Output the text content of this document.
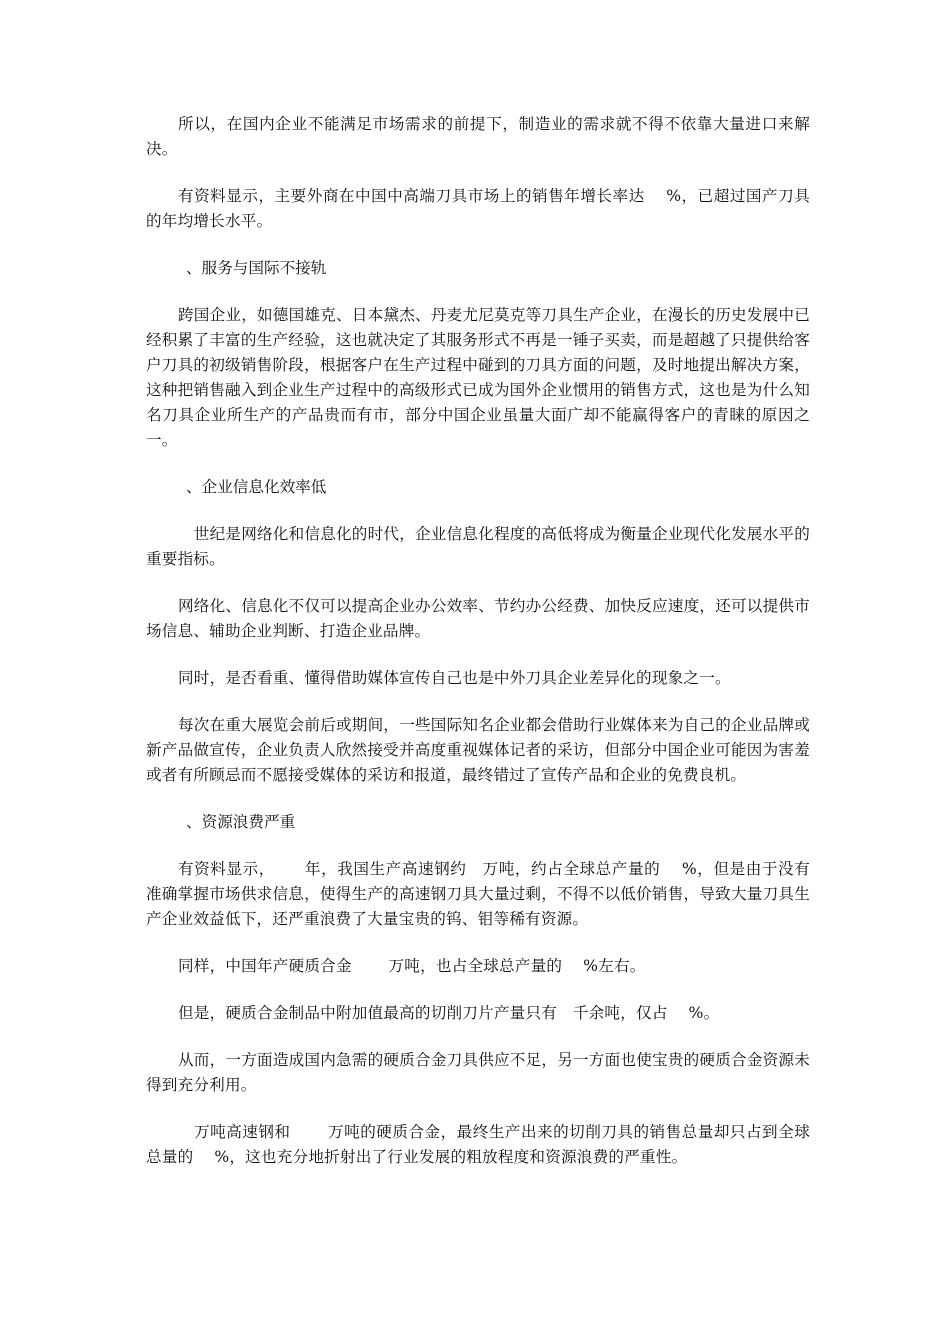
所以，在国内企业不能满足市场需求的前提下，制造业的需求就不得不依靠大量进口来解决。

有资料显示，主要外商在中国中高端刀具市场上的销售年增长率达　 %，已超过国产刀具的年均增长水平。

、服务与国际不接轨

跨国企业，如德国雄克、日本黛杰、丹麦尤尼莫克等刀具生产企业，在漫长的历史发展中已经积累了丰富的生产经验，这也就决定了其服务形式不再是一锤子买卖，而是超越了只提供给客户刀具的初级销售阶段，根据客户在生产过程中碰到的刀具方面的问题，及时地提出解决方案，这种把销售融入到企业生产过程中的高级形式已成为国外企业惯用的销售方式，这也是为什么知名刀具企业所生产的产品贵而有市，部分中国企业虽量大面广却不能赢得客户的青睐的原因之一。

、企业信息化效率低

　世纪是网络化和信息化的时代，企业信息化程度的高低将成为衡量企业现代化发展水平的重要指标。

网络化、信息化不仅可以提高企业办公效率、节约办公经费、加快反应速度，还可以提供市场信息、辅助企业判断、打造企业品牌。

同时，是否看重、懂得借助媒体宣传自己也是中外刀具企业差异化的现象之一。

每次在重大展览会前后或期间，一些国际知名企业都会借助行业媒体来为自己的企业品牌或新产品做宣传，企业负责人欣然接受并高度重视媒体记者的采访，但部分中国企业可能因为害羞或者有所顾忌而不愿接受媒体的采访和报道，最终错过了宣传产品和企业的免费良机。

、资源浪费严重

有资料显示，　　 年，我国生产高速钢约　万吨，约占全球总产量的　 %，但是由于没有准确掌握市场供求信息，使得生产的高速钢刀具大量过剩，不得不以低价销售，导致大量刀具生产企业效益低下，还严重浪费了大量宝贵的钨、钼等稀有资源。

同样，中国年产硬质合金　　 万吨，也占全球总产量的　 %左右。

但是，硬质合金制品中附加值最高的切削刀片产量只有　千余吨，仅占　 %。

从而，一方面造成国内急需的硬质合金刀具供应不足，另一方面也使宝贵的硬质合金资源未得到充分利用。

　万吨高速钢和　　 万吨的硬质合金，最终生产出来的切削刀具的销售总量却只占到全球总量的　 %，这也充分地折射出了行业发展的粗放程度和资源浪费的严重性。
